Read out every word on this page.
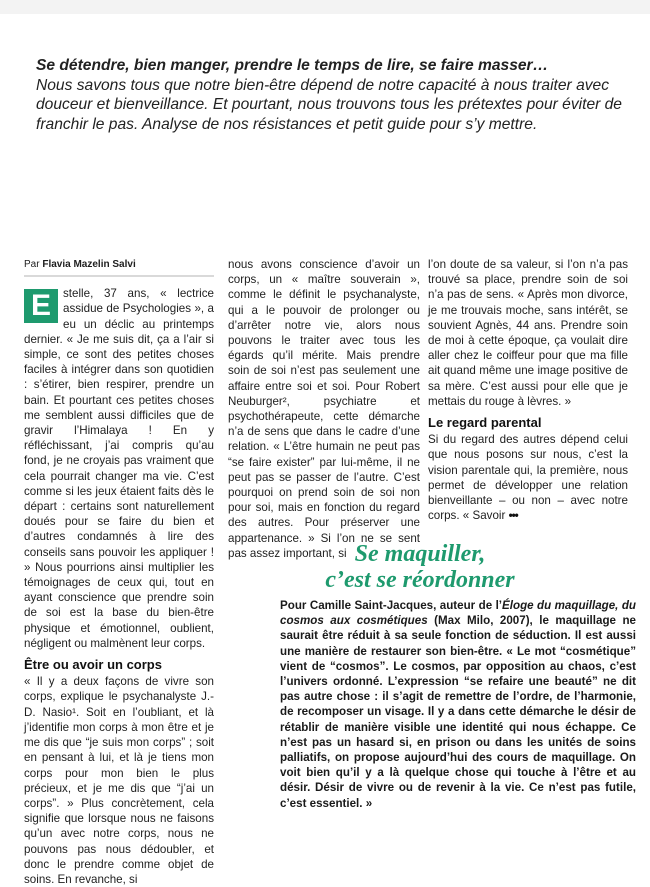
Se détendre, bien manger, prendre le temps de lire, se faire masser…
Nous savons tous que notre bien-être dépend de notre capacité à nous traiter avec douceur et bienveillance. Et pourtant, nous trouvons tous les prétextes pour éviter de franchir le pas. Analyse de nos résistances et petit guide pour s’y mettre.
Par Flavia Mazelin Salvi

E	stelle, 37 ans, « lectrice assidue de Psychologies », a eu un déclic au printemps dernier. « Je me suis dit, ça a l’air si simple, ce sont des petites choses faciles à intégrer dans son quotidien : s’étirer, bien respirer, prendre un bain. Et pourtant ces petites choses me semblent aussi difficiles que de gravir l’Himalaya ! En y réfléchissant, j’ai compris qu’au fond, je ne croyais pas vraiment que cela pourrait changer ma vie. C’est comme si les jeux étaient faits dès le départ : certains sont naturellement doués pour se faire du bien et d’autres condamnés à lire des conseils sans pouvoir les appliquer ! » Nous pourrions ainsi multiplier les témoignages de ceux qui, tout en ayant conscience que prendre soin de soi est la base du bien-être physique et émotionnel, oublient, négligent ou malmènent leur corps.

Être ou avoir un corps

« Il y a deux façons de vivre son corps, explique le psychanalyste J.-D. Nasio¹. Soit en l’oubliant, et là j’identifie mon corps à mon être et je me dis que “je suis mon corps” ; soit en pensant à lui, et là je tiens mon corps pour mon bien le plus précieux, et je me dis que “j’ai un corps”. » Plus concrètement, cela signifie que lorsque nous ne faisons qu’un avec notre corps, nous ne pouvons pas nous dédoubler, et donc le prendre comme objet de soins. En revanche, si

nous avons conscience d’avoir un corps, un « maître souverain », comme le définit le psychanalyste, qui a le pouvoir de prolonger ou d’arrêter notre vie, alors nous pouvons le traiter avec tous les égards qu’il mérite. Mais prendre soin de soi n’est pas seulement une affaire entre soi et soi. Pour Robert Neuburger², psychiatre et psychothérapeute, cette démarche n’a de sens que dans le cadre d’une relation. « L’être humain ne peut pas “se faire exister” par lui-même, il ne peut pas se passer de l’autre. C’est pourquoi on prend soin de soi non pour soi, mais en fonction du regard des autres. Pour préserver une appartenance. » Si l’on ne se sent pas assez important, si

l’on doute de sa valeur, si l’on n’a pas trouvé sa place, prendre soin de soi n’a pas de sens. « Après mon divorce, je me trouvais moche, sans intérêt, se souvient Agnès, 44 ans. Prendre soin de moi à cette époque, ça voulait dire aller chez le coiffeur pour que ma fille ait quand même une image positive de sa mère. C’est aussi pour elle que je mettais du rouge à lèvres. »

Le regard parental

Si du regard des autres dépend celui que nous posons sur nous, c’est la vision parentale qui, la première, nous permet de développer une relation bienveillante – ou non – avec notre corps. « Savoir •••

Se maquiller,
c’est se réordonner
Pour Camille Saint-Jacques, auteur de l’Éloge du maquillage, du cosmos aux cosmétiques (Max Milo, 2007), le maquillage ne saurait être réduit à sa seule fonction de séduction. Il est aussi une manière de restaurer son bien-être. « Le mot “cosmétique” vient de “cosmos”. Le cosmos, par opposition au chaos, c’est l’univers ordonné. L’expression “se refaire une beauté” ne dit pas autre chose : il s’agit de remettre de l’ordre, de l’harmonie, de recomposer un visage. Il y a dans cette démarche le désir de rétablir de manière visible une identité qui nous échappe. Ce n’est pas un hasard si, en prison ou dans les unités de soins palliatifs, on propose aujourd’hui des cours de maquillage. On voit bien qu’il y a là quelque chose qui touche à l’être et au désir. Désir de vivre ou de revenir à la vie. Ce n’est pas futile, c’est essentiel. »
